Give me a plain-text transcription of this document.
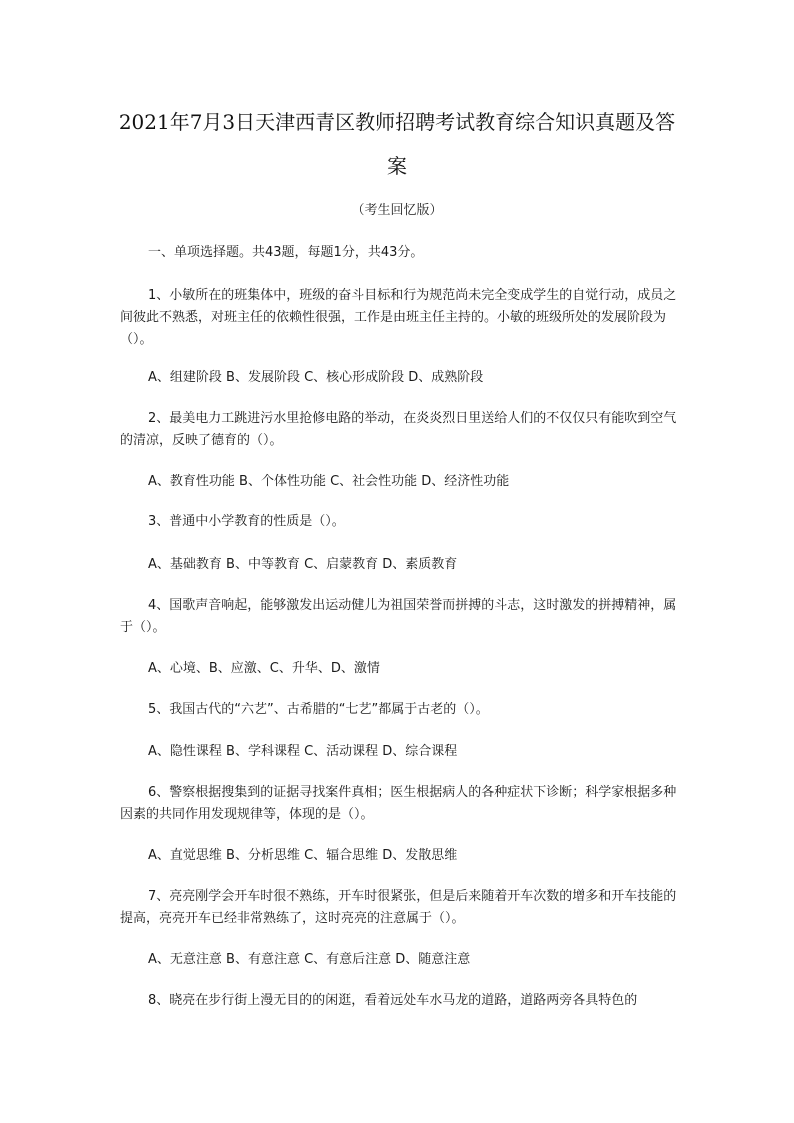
2021年7月3日天津西青区教师招聘考试教育综合知识真题及答案
（考生回忆版）

一、单项选择题。共43题，每题1分，共43分。

1、小敏所在的班集体中，班级的奋斗目标和行为规范尚未完全变成学生的自觉行动，成员之间彼此不熟悉，对班主任的依赖性很强，工作是由班主任主持的。小敏的班级所处的发展阶段为（）。

A、组建阶段 B、发展阶段 C、核心形成阶段 D、成熟阶段

2、最美电力工跳进污水里抢修电路的举动，在炎炎烈日里送给人们的不仅仅只有能吹到空气的清凉，反映了德育的（）。

A、教育性功能 B、个体性功能 C、社会性功能 D、经济性功能

3、普通中小学教育的性质是（）。

A、基础教育 B、中等教育 C、启蒙教育 D、素质教育

4、国歌声音响起，能够激发出运动健儿为祖国荣誉而拼搏的斗志，这时激发的拼搏精神，属于（）。

A、心境、B、应激、C、升华、D、激情

5、我国古代的“六艺”、古希腊的“七艺”都属于古老的（）。

A、隐性课程 B、学科课程 C、活动课程 D、综合课程

6、警察根据搜集到的证据寻找案件真相；医生根据病人的各种症状下诊断；科学家根据多种因素的共同作用发现规律等，体现的是（）。

A、直觉思维 B、分析思维 C、辐合思维 D、发散思维

7、亮亮刚学会开车时很不熟练，开车时很紧张，但是后来随着开车次数的增多和开车技能的提高，亮亮开车已经非常熟练了，这时亮亮的注意属于（）。

A、无意注意 B、有意注意 C、有意后注意 D、随意注意

8、晓亮在步行街上漫无目的的闲逛，看着远处车水马龙的道路，道路两旁各具特色的
